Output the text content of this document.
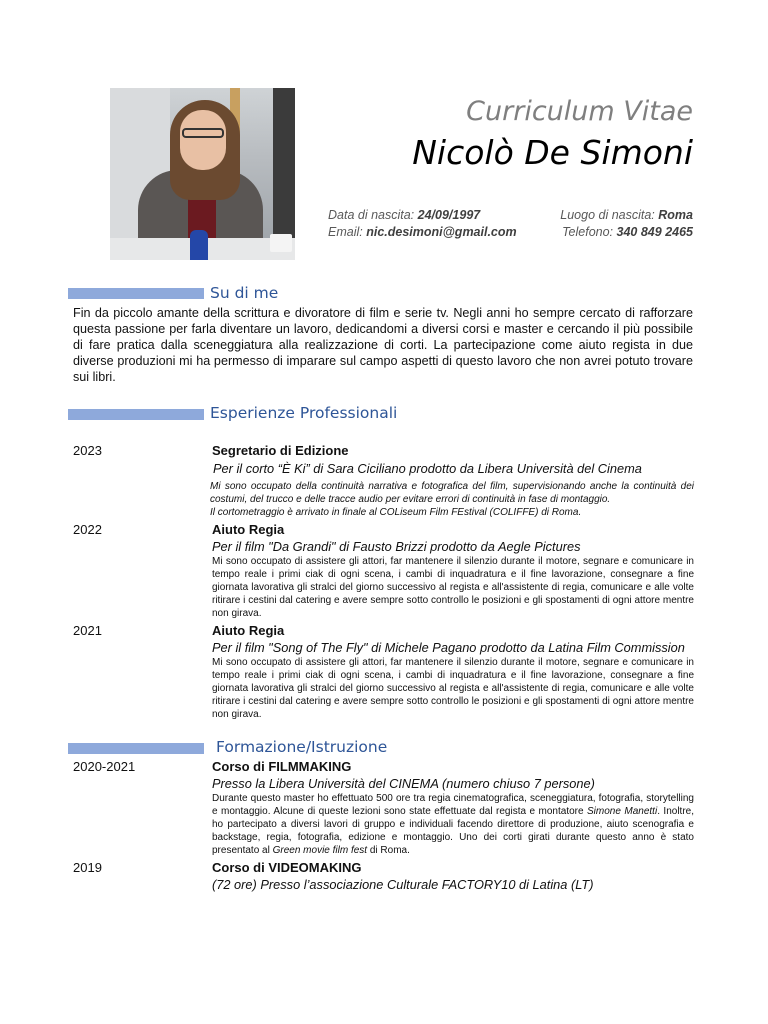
Curriculum Vitae
Nicolò De Simoni
Data di nascita: 24/09/1997
Email: nic.desimoni@gmail.com
Luogo di nascita: Roma
Telefono: 340 849 2465
Su di me
Fin da piccolo amante della scrittura e divoratore di film e serie tv. Negli anni ho sempre cercato di rafforzare questa passione per farla diventare un lavoro, dedicandomi a diversi corsi e master e cercando il più possibile di fare pratica dalla sceneggiatura alla realizzazione di corti. La partecipazione come aiuto regista in due diverse produzioni mi ha permesso di imparare sul campo aspetti di questo lavoro che non avrei potuto trovare sui libri.
Esperienze Professionali
2023	Segretario di Edizione
Per il corto “È Ki” di Sara Ciciliano prodotto da Libera Università del Cinema
Mi sono occupato della continuità narrativa e fotografica del film, supervisionando anche la continuità dei costumi, del trucco e delle tracce audio per evitare errori di continuità in fase di montaggio.
Il cortometraggio è arrivato in finale al COLiseum Film FEstival (COLIFFE) di Roma.
2022	Aiuto Regia
Per il film "Da Grandi" di Fausto Brizzi prodotto da Aegle Pictures
Mi sono occupato di assistere gli attori, far mantenere il silenzio durante il motore, segnare e comunicare in tempo reale i primi ciak di ogni scena, i cambi di inquadratura e il fine lavorazione, consegnare a fine giornata lavorativa gli stralci del giorno successivo al regista e all'assistente di regia, comunicare e alle volte ritirare i cestini dal catering e avere sempre sotto controllo le posizioni e gli spostamenti di ogni attore mentre non girava.
2021	Aiuto Regia
Per il film "Song of The Fly" di Michele Pagano prodotto da Latina Film Commission
Mi sono occupato di assistere gli attori, far mantenere il silenzio durante il motore, segnare e comunicare in tempo reale i primi ciak di ogni scena, i cambi di inquadratura e il fine lavorazione, consegnare a fine giornata lavorativa gli stralci del giorno successivo al regista e all'assistente di regia, comunicare e alle volte ritirare i cestini dal catering e avere sempre sotto controllo le posizioni e gli spostamenti di ogni attore mentre non girava.
Formazione/Istruzione
2020-2021	Corso di FILMMAKING
Presso la Libera Università del CINEMA (numero chiuso 7 persone)
Durante questo master ho effettuato 500 ore tra regia cinematografica, sceneggiatura, fotografia, storytelling e montaggio. Alcune di queste lezioni sono state effettuate dal regista e montatore Simone Manetti. Inoltre, ho partecipato a diversi lavori di gruppo e individuali facendo direttore di produzione, aiuto scenografia e backstage, regia, fotografia, edizione e montaggio. Uno dei corti girati durante questo anno è stato presentato al Green movie film fest di Roma.
2019	Corso di VIDEOMAKING
(72 ore) Presso l’associazione Culturale FACTORY10 di Latina (LT)
